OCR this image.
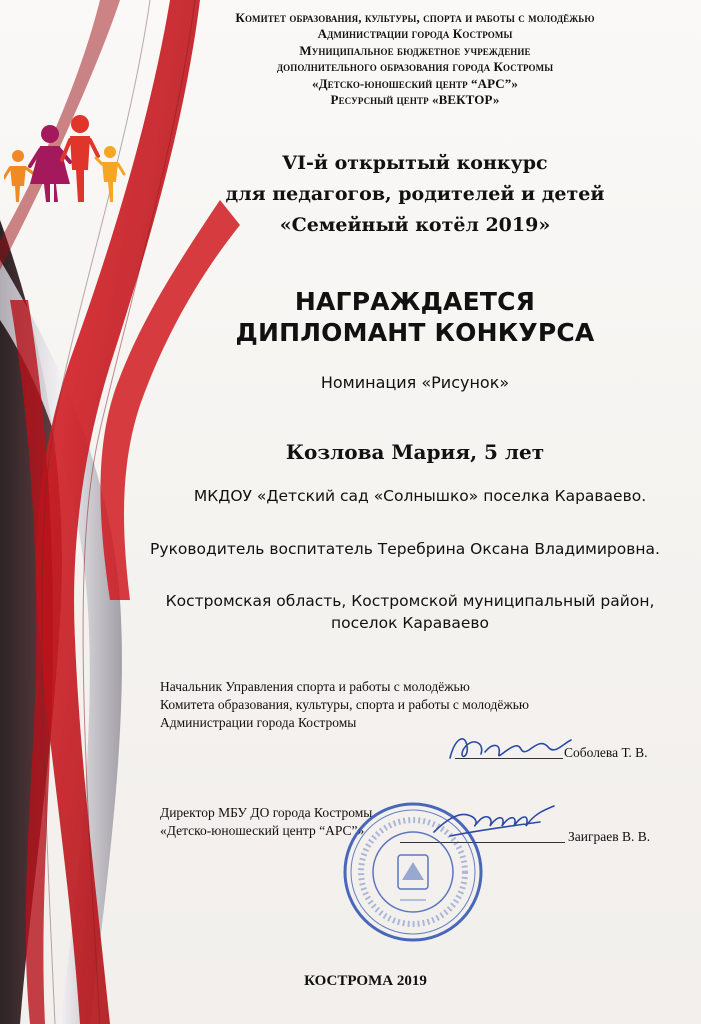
Комитет образования, культуры, спорта и работы с молодёжью
Администрации города Костромы
Муниципальное бюджетное учреждение
дополнительного образования города Костромы
«Детско-юношеский центр “АРС”»
Ресурсный центр «ВЕКТОР»
VI-й открытый конкурс
для педагогов, родителей и детей
«Семейный котёл 2019»
НАГРАЖДАЕТСЯ
ДИПЛОМАНТ КОНКУРСА
Номинация «Рисунок»
Козлова Мария, 5 лет
МКДОУ «Детский сад «Солнышко» поселка Караваево.
Руководитель воспитатель Теребрина Оксана Владимировна.
Костромская область, Костромской муниципальный район,
поселок Караваево
Начальник Управления спорта и работы с молодёжью
Комитета образования, культуры, спорта и работы с молодёжью
Администрации города Костромы
Соболева Т. В.
Директор МБУ ДО города Костромы
«Детско-юношеский центр “АРС”»	Заиграев В. В.
КОСТРОМА 2019
